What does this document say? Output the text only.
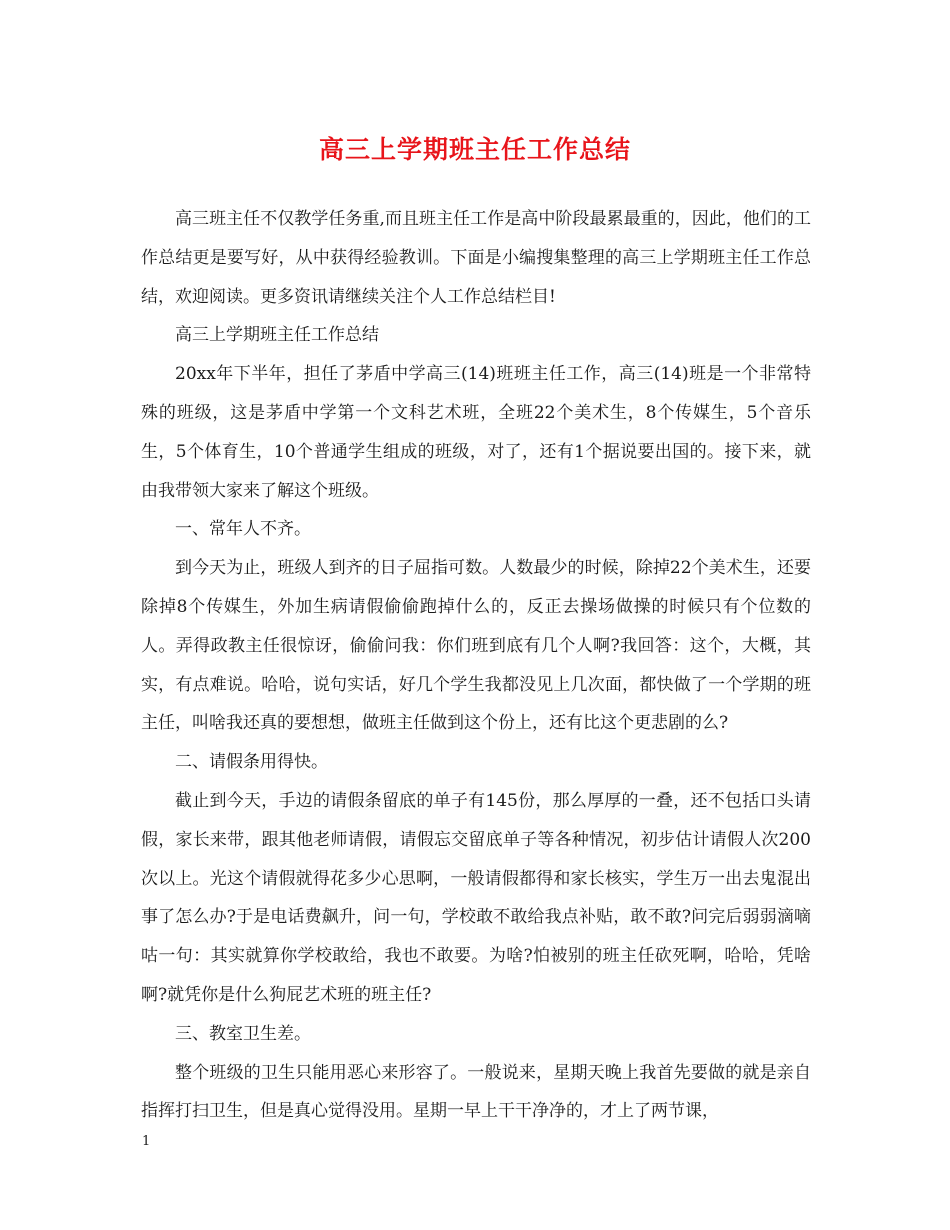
高三上学期班主任工作总结

高三班主任不仅教学任务重,而且班主任工作是高中阶段最累最重的，因此，他们的工作总结更是要写好，从中获得经验教训。下面是小编搜集整理的高三上学期班主任工作总结，欢迎阅读。更多资讯请继续关注个人工作总结栏目!

高三上学期班主任工作总结

20xx年下半年，担任了茅盾中学高三(14)班班主任工作，高三(14)班是一个非常特殊的班级，这是茅盾中学第一个文科艺术班，全班22个美术生，8个传媒生，5个音乐生，5个体育生，10个普通学生组成的班级，对了，还有1个据说要出国的。接下来，就由我带领大家来了解这个班级。

一、常年人不齐。

到今天为止，班级人到齐的日子屈指可数。人数最少的时候，除掉22个美术生，还要除掉8个传媒生，外加生病请假偷偷跑掉什么的，反正去操场做操的时候只有个位数的人。弄得政教主任很惊讶，偷偷问我：你们班到底有几个人啊?我回答：这个，大概，其实，有点难说。哈哈，说句实话，好几个学生我都没见上几次面，都快做了一个学期的班主任，叫啥我还真的要想想，做班主任做到这个份上，还有比这个更悲剧的么?

二、请假条用得快。

截止到今天，手边的请假条留底的单子有145份，那么厚厚的一叠，还不包括口头请假，家长来带，跟其他老师请假，请假忘交留底单子等各种情况，初步估计请假人次200次以上。光这个请假就得花多少心思啊，一般请假都得和家长核实，学生万一出去鬼混出事了怎么办?于是电话费飙升，问一句，学校敢不敢给我点补贴，敢不敢?问完后弱弱滴嘀咕一句：其实就算你学校敢给，我也不敢要。为啥?怕被别的班主任砍死啊，哈哈，凭啥啊?就凭你是什么狗屁艺术班的班主任?

三、教室卫生差。

整个班级的卫生只能用恶心来形容了。一般说来，星期天晚上我首先要做的就是亲自指挥打扫卫生，但是真心觉得没用。星期一早上干干净净的，才上了两节课，

1
